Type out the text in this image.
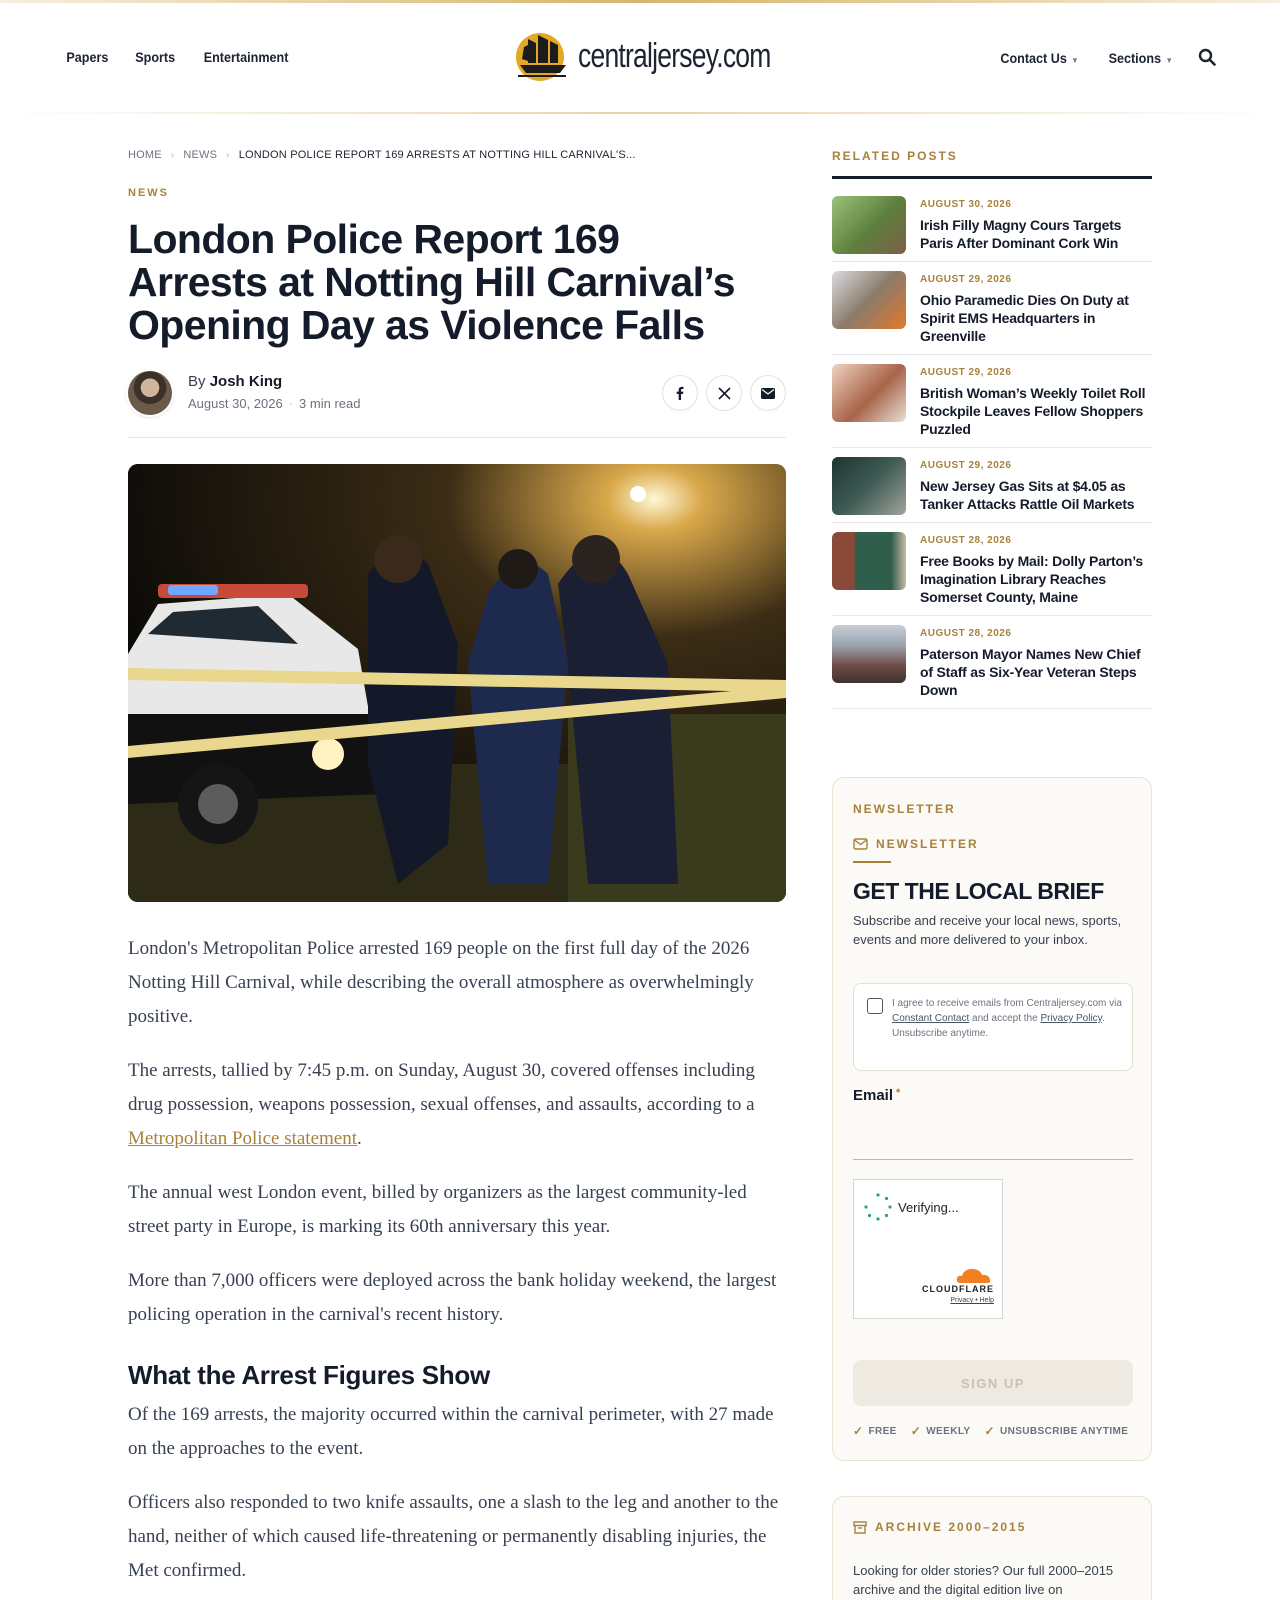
Papers Sports Entertainment	centraljersey.com	Contact Us ▼ Sections ▼
HOME › NEWS › LONDON POLICE REPORT 169 ARRESTS AT NOTTING HILL CARNIVAL'S...
NEWS
London Police Report 169 Arrests at Notting Hill Carnival’s Opening Day as Violence Falls
By Josh King
August 30, 2026 · 3 min read

London's Metropolitan Police arrested 169 people on the first full day of the 2026 Notting Hill Carnival, while describing the overall atmosphere as overwhelmingly positive.

The arrests, tallied by 7:45 p.m. on Sunday, August 30, covered offenses including drug possession, weapons possession, sexual offenses, and assaults, according to a Metropolitan Police statement.

The annual west London event, billed by organizers as the largest community-led street party in Europe, is marking its 60th anniversary this year.

More than 7,000 officers were deployed across the bank holiday weekend, the largest policing operation in the carnival's recent history.

What the Arrest Figures Show

Of the 169 arrests, the majority occurred within the carnival perimeter, with 27 made on the approaches to the event.

Officers also responded to two knife assaults, one a slash to the leg and another to the hand, neither of which caused life-threatening or permanently disabling injuries, the Met confirmed.

RELATED POSTS
AUGUST 30, 2026
Irish Filly Magny Cours Targets Paris After Dominant Cork Win
AUGUST 29, 2026
Ohio Paramedic Dies On Duty at Spirit EMS Headquarters in Greenville
AUGUST 29, 2026
British Woman’s Weekly Toilet Roll Stockpile Leaves Fellow Shoppers Puzzled
AUGUST 29, 2026
New Jersey Gas Sits at $4.05 as Tanker Attacks Rattle Oil Markets
AUGUST 28, 2026
Free Books by Mail: Dolly Parton’s Imagination Library Reaches Somerset County, Maine
AUGUST 28, 2026
Paterson Mayor Names New Chief of Staff as Six-Year Veteran Steps Down
NEWSLETTER
NEWSLETTER
GET THE LOCAL BRIEF
Subscribe and receive your local news, sports, events and more delivered to your inbox.
I agree to receive emails from Centraljersey.com via Constant Contact and accept the Privacy Policy. Unsubscribe anytime.
Email *
Verifying...
CLOUDFLARE
Privacy • Help
SIGN UP
✓ FREE ✓ WEEKLY ✓ UNSUBSCRIBE ANYTIME
ARCHIVE 2000–2015
Looking for older stories? Our full 2000–2015 archive and the digital edition live on
